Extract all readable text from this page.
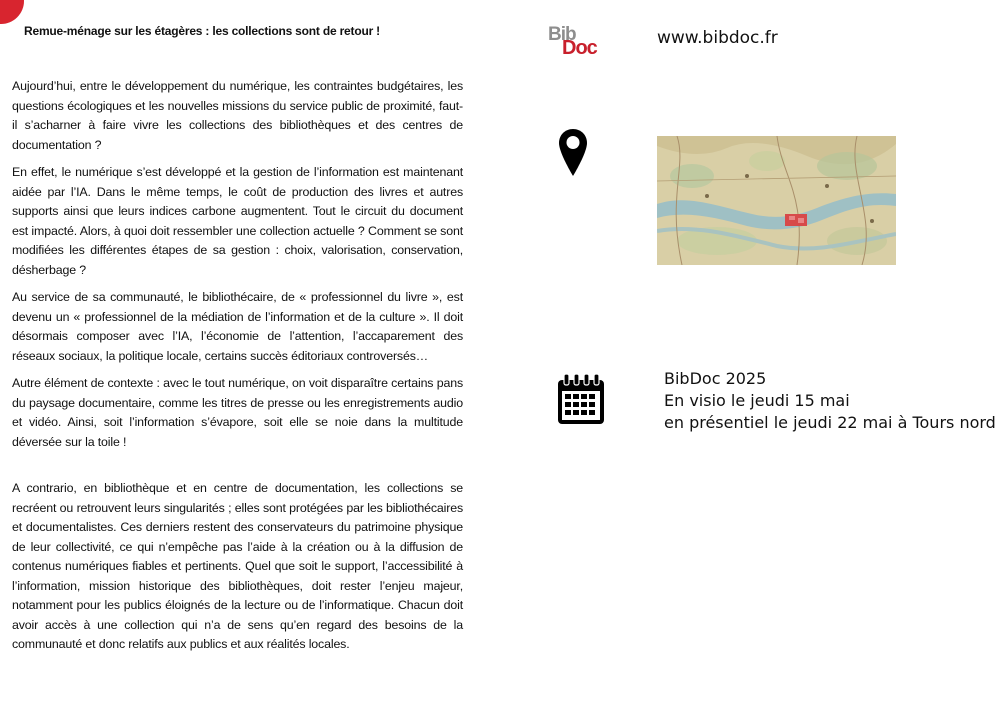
Remue-ménage sur les étagères : les collections sont de retour !

Aujourd’hui, entre le développement du numérique, les contraintes budgétaires, les questions écologiques et les nouvelles missions du service public de proximité, faut-il s’acharner à faire vivre les collections des bibliothèques et des centres de documentation ?

En effet, le numérique s’est développé et la gestion de l’information est maintenant aidée par l’IA. Dans le même temps, le coût de production des livres et autres supports ainsi que leurs indices carbone augmentent. Tout le circuit du document est impacté. Alors, à quoi doit ressembler une collection actuelle ? Comment se sont modifiées les différentes étapes de sa gestion : choix, valorisation, conservation, désherbage ?

Au service de sa communauté, le bibliothécaire, de « professionnel du livre », est devenu un « professionnel de la médiation de l’information et de la culture ». Il doit désormais composer avec l’IA, l’économie de l’attention, l’accaparement des réseaux sociaux, la politique locale, certains succès éditoriaux controversés…

Autre élément de contexte : avec le tout numérique, on voit disparaître certains pans du paysage documentaire, comme les titres de presse ou les enregistrements audio et vidéo. Ainsi, soit l’information s’évapore, soit elle se noie dans la multitude déversée sur la toile !

A contrario, en bibliothèque et en centre de documentation, les collections se recréent ou retrouvent leurs singularités ; elles sont protégées par les bibliothécaires et documentalistes. Ces derniers restent des conservateurs du patrimoine physique de leur collectivité, ce qui n’empêche pas l’aide à la création ou à la diffusion de contenus numériques fiables et pertinents. Quel que soit le support, l’accessibilité à l’information, mission historique des bibliothèques, doit rester l’enjeu majeur, notamment pour les publics éloignés de la lecture ou de l’informatique. Chacun doit avoir accès à une collection qui n’a de sens qu’en regard des besoins de la communauté et donc relatifs aux publics et aux réalités locales.

Bib
Doc	www.bibdoc.fr
BibDoc 2025
En visio le jeudi 15 mai
en présentiel le jeudi 22 mai à Tours nord
